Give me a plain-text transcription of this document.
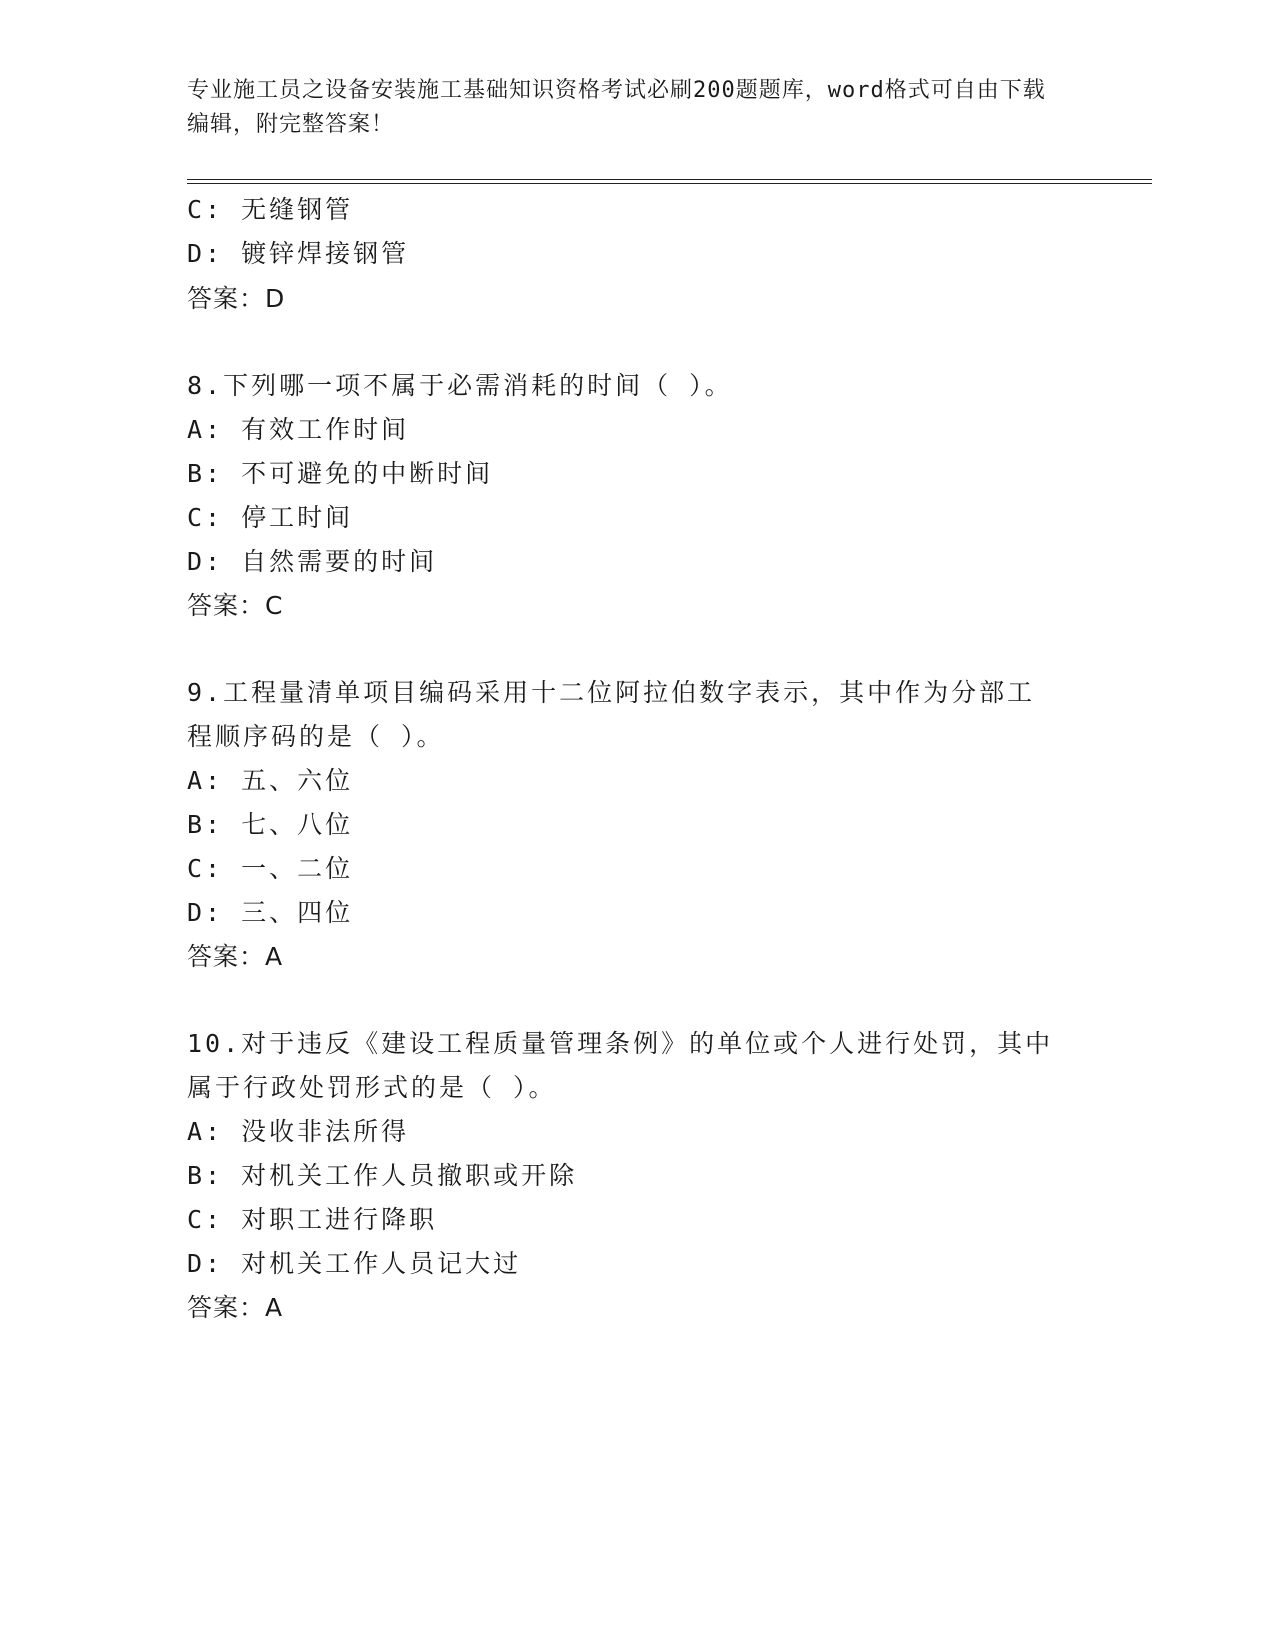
专业施工员之设备安装施工基础知识资格考试必刷200题题库，word格式可自由下载编辑，附完整答案！
C: 无缝钢管
D: 镀锌焊接钢管
答案：D
8.下列哪一项不属于必需消耗的时间（ ）。
A: 有效工作时间
B: 不可避免的中断时间
C: 停工时间
D: 自然需要的时间
答案：C
9.工程量清单项目编码采用十二位阿拉伯数字表示，其中作为分部工
程顺序码的是（ ）。
A: 五、六位
B: 七、八位
C: 一、二位
D: 三、四位
答案：A
10.对于违反《建设工程质量管理条例》的单位或个人进行处罚，其中
属于行政处罚形式的是（ ）。
A: 没收非法所得
B: 对机关工作人员撤职或开除
C: 对职工进行降职
D: 对机关工作人员记大过
答案：A
